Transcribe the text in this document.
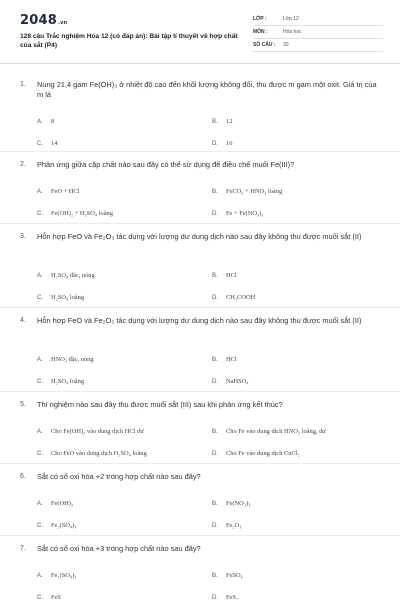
2048.vn
128 câu Trắc nghiệm Hóa 12 (có đáp án): Bài tập lí thuyết về hợp chất của sắt (P4)
LỚP :	Lớp 12
MÔN :	Hóa học
SỐ CÂU : 30
1. Nung 21,4 gam Fe(OH)₃ ở nhiệt độ cao đến khối lượng không đổi, thu được m gam một oxit. Giá trị của m là
A. 8	B. 12
C. 14	D. 16
2. Phản ứng giữa cặp chất nào sau đây có thể sử dụng để điều chế muối Fe(III)?
A. FeO + HCl	B. FeCO₃ + HNO₃ loãng
C. Fe(OH)₂ + H₂SO₄ loãng	D. Fe + Fe(NO₃)₃
3. Hỗn hợp FeO và Fe₂O₃ tác dụng với lượng dư dung dịch nào sau đây không thu được muối sắt (II)
A. H₂SO₄ đặc, nóng	B. HCl
C. H₂SO₄ loãng	D. CH₃COOH
4. Hỗn hợp FeO và Fe₂O₃ tác dụng với lượng dư dung dịch nào sau đây không thu được muối sắt (II)
A. HNO₃ đặc, nóng	B. HCl
C. H₂SO₄ loãng	D. NaHSO₄
5. Thí nghiệm nào sau đây thu được muối sắt (III) sau khi phản ứng kết thúc?
A. Cho Fe(OH)₂ vào dung dịch HCl dư	B. Cho Fe vào dung dịch HNO₃ loãng, dư
C. Cho FeO vào dung dịch H₂SO₄ loãng	D. Cho Fe vào dung dịch CuCl₂
6. Sắt có số oxi hóa +2 trong hợp chất nào sau đây?
A. Fe(OH)₃	B. Fe(NO₃)₃
C. Fe₂(SO₄)₃	D. Fe₂O₃
7. Sắt có số oxi hóa +3 trong hợp chất nào sau đây?
A. Fe₂(SO₄)₃	B. FeSO₄
C. FeS	D. FeS₂
